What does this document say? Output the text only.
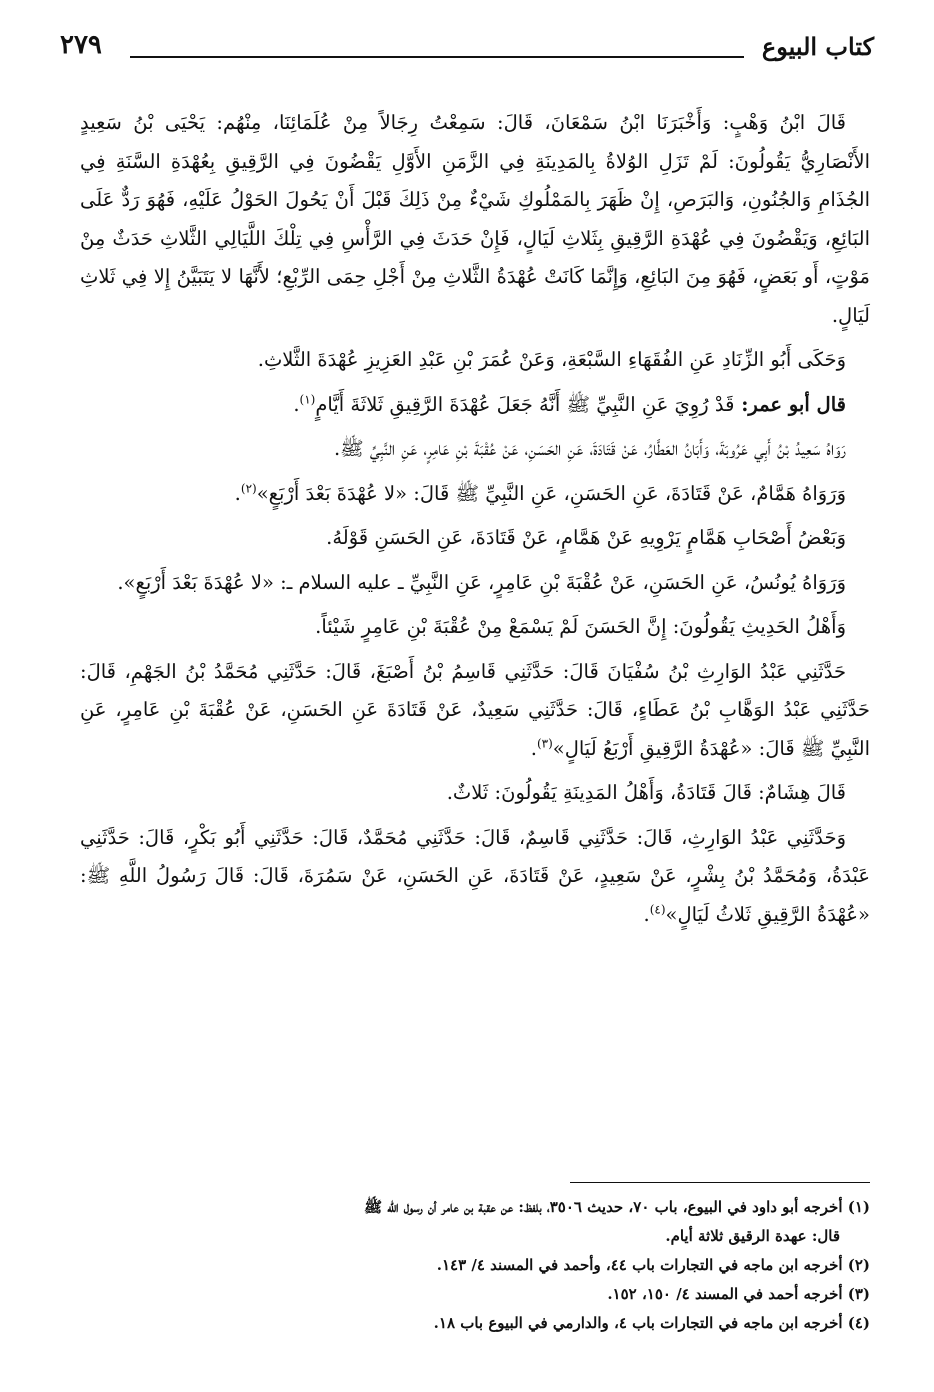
كتاب البيوع
٢٧٩

قَالَ ابْنُ وَهْبٍ: وَأَخْبَرَنَا ابْنُ سَمْعَانَ، قَالَ: سَمِعْتُ رِجَالاً مِنْ عُلَمَائِنَا، مِنْهُم: يَحْيَى بْنُ سَعِيدٍ الأَنْصَارِيُّ يَقُولُونَ: لَمْ تَزَلِ الوُلاةُ بِالمَدِينَةِ فِي الزَّمَنِ الأَوَّلِ يَقْضُونَ فِي الرَّقِيقِ بِعُهْدَةِ السَّنَةِ فِي الجُذَامِ وَالجُنُونِ، وَالبَرَصِ، إِنْ ظَهَرَ بِالمَمْلُوكِ شَيْءٌ مِنْ ذَلِكَ قَبْلَ أَنْ يَحُولَ الحَوْلُ عَلَيْهِ، فَهُوَ رَدٌّ عَلَى البَائِعِ، وَيَقْضُونَ فِي عُهْدَةِ الرَّقِيقِ بِثَلاثِ لَيَالٍ، فَإِنْ حَدَثَ فِي الرَّأْسِ فِي تِلْكَ اللَّيَالِي الثَّلاثِ حَدَثٌ مِنْ مَوْتٍ، أَو بَعَضٍ، فَهُوَ مِنَ البَائِعِ، وَإِنَّمَا كَانَتْ عُهْدَةُ الثَّلاثِ مِنْ أَجْلِ حِمَى الرِّبْعِ؛ لأَنَّهَا لا يَتَبَيَّنُ إِلا فِي ثَلاثِ لَيَالٍ.

وَحَكَى أَبُو الزِّنَادِ عَنِ الفُقَهَاءِ السَّبْعَةِ، وَعَنْ عُمَرَ بْنِ عَبْدِ العَزِيزِ عُهْدَةَ الثَّلاثِ.

قال أبو عمر: قَدْ رُوِيَ عَنِ النَّبِيِّ ﷺ أَنَّهُ جَعَلَ عُهْدَةَ الرَّقِيقِ ثَلاثَةَ أَيَّامٍ$^{(١)}$.

رَوَاهُ سَعِيدُ بْنُ أَبِي عَرُوبَةَ، وَأَبَانُ العَطَّارُ، عَنْ قَتَادَةَ، عَنِ الحَسَنِ، عَنْ عُقْبَةَ بْنِ عَامِرٍ، عَنِ النَّبِيِّ ﷺ.

وَرَوَاهُ هَمَّامٌ، عَنْ قَتَادَةَ، عَنِ الحَسَنِ، عَنِ النَّبِيِّ ﷺ قَالَ: «لا عُهْدَةَ بَعْدَ أَرْبَعٍ»$^{(٢)}$.

وَبَعْضُ أَصْحَابِ هَمَّامٍ يَرْوِيهِ عَنْ هَمَّامٍ، عَنْ قَتَادَةَ، عَنِ الحَسَنِ قَوْلَهُ.

وَرَوَاهُ يُونُسُ، عَنِ الحَسَنِ، عَنْ عُقْبَةَ بْنِ عَامِرٍ، عَنِ النَّبِيِّ ـ عليه السلام ـ: «لا عُهْدَةَ بَعْدَ أَرْبَعٍ».

وَأَهْلُ الحَدِيثِ يَقُولُونَ: إِنَّ الحَسَنَ لَمْ يَسْمَعْ مِنْ عُقْبَةَ بْنِ عَامِرٍ شَيْئاً.

حَدَّثَنِي عَبْدُ الوَارِثِ بْنُ سُفْيَانَ قَالَ: حَدَّثَنِي قَاسِمُ بْنُ أَصْبَغَ، قَالَ: حَدَّثَنِي مُحَمَّدُ بْنُ الجَهْمِ، قَالَ: حَدَّثَنِي عَبْدُ الوَهَّابِ بْنُ عَطَاءٍ، قَالَ: حَدَّثَنِي سَعِيدٌ، عَنْ قَتَادَةَ عَنِ الحَسَنِ، عَنْ عُقْبَةَ بْنِ عَامِرٍ، عَنِ النَّبِيِّ ﷺ قَالَ: «عُهْدَةُ الرَّقِيقِ أَرْبَعُ لَيَالٍ»$^{(٣)}$.

قَالَ هِشَامٌ: قَالَ قَتَادَةُ، وَأَهْلُ المَدِينَةِ يَقُولُونَ: ثَلاثٌ.

وَحَدَّثَنِي عَبْدُ الوَارِثِ، قَالَ: حَدَّثَنِي قَاسِمٌ، قَالَ: حَدَّثَنِي مُحَمَّدٌ، قَالَ: حَدَّثَنِي أَبُو بَكْرٍ، قَالَ: حَدَّثَنِي عَبْدَةُ، وَمُحَمَّدُ بْنُ بِشْرٍ، عَنْ سَعِيدٍ، عَنْ قَتَادَةَ، عَنِ الحَسَنِ، عَنْ سَمُرَةَ، قَالَ: قَالَ رَسُولُ اللَّهِ ﷺ: «عُهْدَةُ الرَّقِيقِ ثَلاثُ لَيَالٍ»$^{(٤)}$.

(١) أخرجه أبو داود في البيوع، باب ٧٠، حديث ٣٥٠٦، بلفظ: عن عقبة بن عامر أن رسول الله ﷺ

قال: عهدة الرقيق ثلاثة أيام.

(٢) أخرجه ابن ماجه في التجارات باب ٤٤، وأحمد في المسند ٤/ ١٤٣.

(٣) أخرجه أحمد في المسند ٤/ ١٥٠، ١٥٢.

(٤) أخرجه ابن ماجه في التجارات باب ٤، والدارمي في البيوع باب ١٨.
